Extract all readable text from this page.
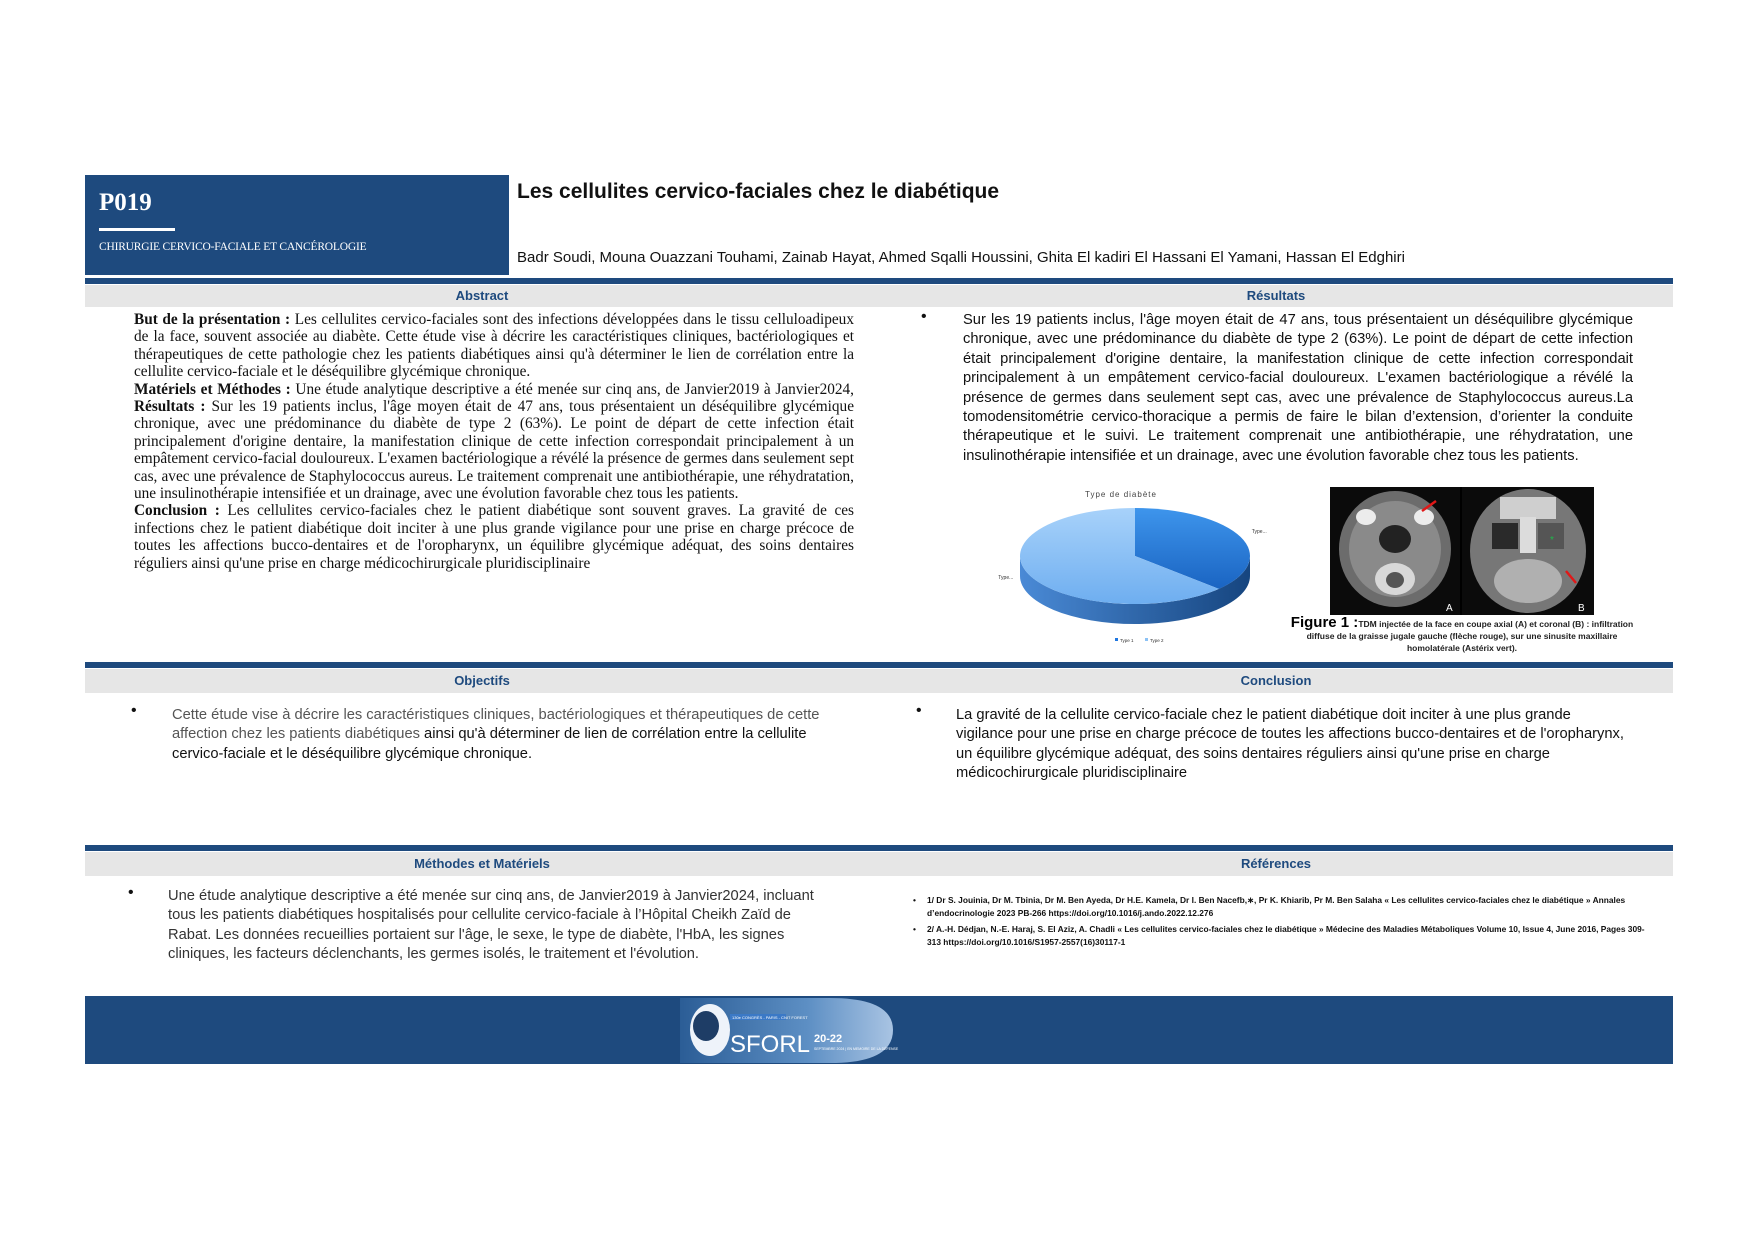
P019
CHIRURGIE CERVICO-FACIALE ET CANCÉROLOGIE
Les cellulites cervico-faciales chez le diabétique
Badr Soudi, Mouna Ouazzani Touhami, Zainab Hayat, Ahmed Sqalli Houssini, Ghita El kadiri El Hassani El Yamani, Hassan El Edghiri
Abstract	Résultats
But de la présentation : Les cellulites cervico-faciales sont des infections développées dans le tissu celluloadipeux de la face, souvent associée au diabète. Cette étude vise à décrire les caractéristiques cliniques, bactériologiques et thérapeutiques de cette pathologie chez les patients diabétiques ainsi qu'à déterminer le lien de corrélation entre la cellulite cervico-faciale et le déséquilibre glycémique chronique.
Matériels et Méthodes : Une étude analytique descriptive a été menée sur cinq ans, de Janvier2019 à Janvier2024, Résultats : Sur les 19 patients inclus, l'âge moyen était de 47 ans, tous présentaient un déséquilibre glycémique chronique, avec une prédominance du diabète de type 2 (63%). Le point de départ de cette infection était principalement d'origine dentaire, la manifestation clinique de cette infection correspondait principalement à un empâtement cervico-facial douloureux. L'examen bactériologique a révélé la présence de germes dans seulement sept cas, avec une prévalence de Staphylococcus aureus. Le traitement comprenait une antibiothérapie, une réhydratation, une insulinothérapie intensifiée et un drainage, avec une évolution favorable chez tous les patients.
Conclusion : Les cellulites cervico-faciales chez le patient diabétique sont souvent graves. La gravité de ces infections chez le patient diabétique doit inciter à une plus grande vigilance pour une prise en charge précoce de toutes les affections bucco-dentaires et de l'oropharynx, un équilibre glycémique adéquat, des soins dentaires réguliers ainsi qu'une prise en charge médicochirurgicale pluridisciplinaire
• Sur les 19 patients inclus, l'âge moyen était de 47 ans, tous présentaient un déséquilibre glycémique chronique, avec une prédominance du diabète de type 2 (63%). Le point de départ de cette infection était principalement d'origine dentaire, la manifestation clinique de cette infection correspondait principalement à un empâtement cervico-facial douloureux. L'examen bactériologique a révélé la présence de germes dans seulement sept cas, avec une prévalence de Staphylococcus aureus.La tomodensitométrie cervico-thoracique a permis de faire le bilan d’extension, d’orienter la conduite thérapeutique et le suivi. Le traitement comprenait une antibiothérapie, une réhydratation, une insulinothérapie intensifiée et un drainage, avec une évolution favorable chez tous les patients.
Type de diabète
Type...
Type...
Type 1	Type 2
*
A	B
Figure 1 :TDM injectée de la face en coupe axial (A) et coronal (B) : infiltration diffuse de la graisse jugale gauche (flèche rouge), sur une sinusite maxillaire homolatérale (Astérix vert).
Objectifs	Conclusion
• Cette étude vise à décrire les caractéristiques cliniques, bactériologiques et thérapeutiques de cette affection chez les patients diabétiques ainsi qu'à déterminer de lien de corrélation entre la cellulite cervico-faciale et le déséquilibre glycémique chronique.
• La gravité de la cellulite cervico-faciale chez le patient diabétique doit inciter à une plus grande vigilance pour une prise en charge précoce de toutes les affections bucco-dentaires et de l'oropharynx, un équilibre glycémique adéquat, des soins dentaires réguliers ainsi qu'une prise en charge médicochirurgicale pluridisciplinaire
Méthodes et Matériels	Références
• Une étude analytique descriptive a été menée sur cinq ans, de Janvier2019 à Janvier2024, incluant tous les patients diabétiques hospitalisés pour cellulite cervico-faciale à l’Hôpital Cheikh Zaïd de Rabat. Les données recueillies portaient sur l'âge, le sexe, le type de diabète, l'HbA, les signes cliniques, les facteurs déclenchants, les germes isolés, le traitement et l'évolution.
•	1/ Dr S. Jouinia, Dr M. Tbinia, Dr M. Ben Ayeda, Dr H.E. Kamela, Dr I. Ben Nacefb,∗, Pr K. Khiarib, Pr M. Ben Salaha « Les cellulites cervico-faciales chez le diabétique » Annales d’endocrinologie 2023 PB-266 https://doi.org/10.1016/j.ando.2022.12.276
•	2/ A.-H. Dédjan, N.-E. Haraj, S. El Aziz, A. Chadli « Les cellulites cervico-faciales chez le diabétique » Médecine des Maladies Métaboliques Volume 10, Issue 4, June 2016, Pages 309-313 https://doi.org/10.1016/S1957-2557(16)30117-1
130e CONGRÈS - PARIS - CNIT FOREST
SFORL 20-22
SEPTEMBRE 2024 | EN MEMOIRE DE LA DÉFENSE
